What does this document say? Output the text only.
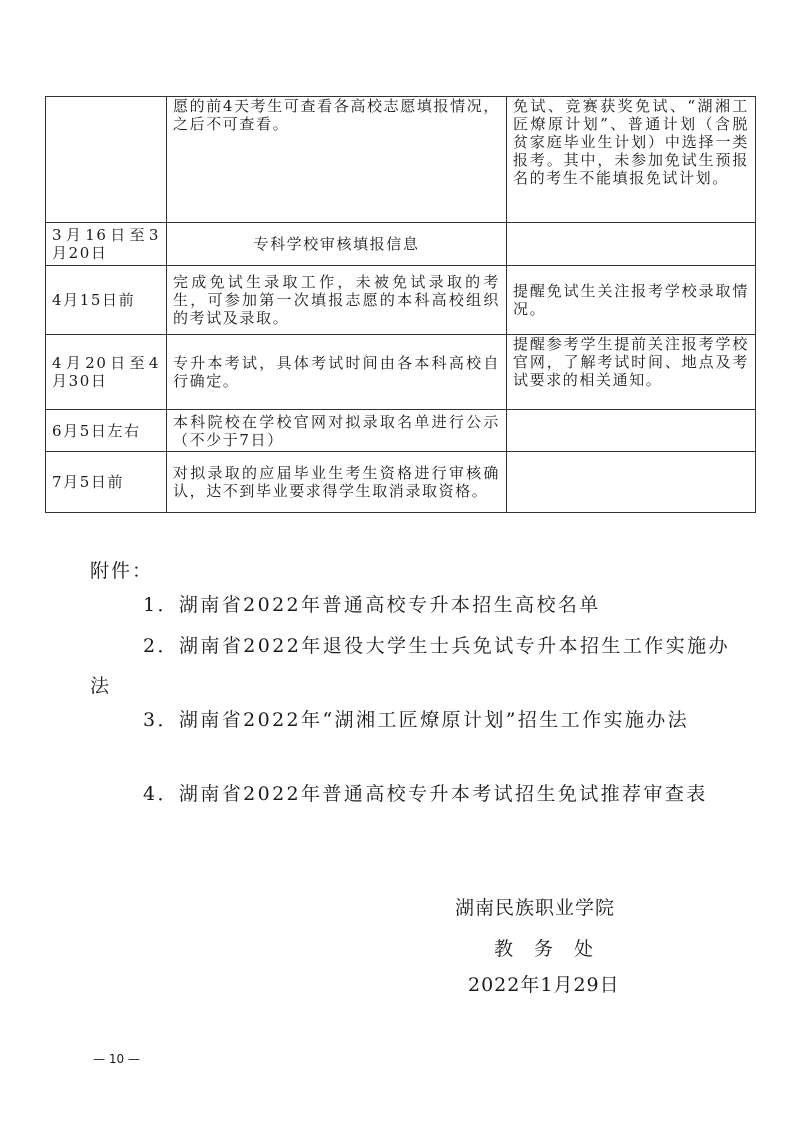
	愿的前4天考生可查看各高校志愿填报情况，之后不可查看。	免试、竞赛获奖免试、“湖湘工匠燎原计划”、普通计划（含脱贫家庭毕业生计划）中选择一类报考。其中，未参加免试生预报名的考生不能填报免试计划。
3月16日至3月20日	专科学校审核填报信息	
4月15日前	完成免试生录取工作，未被免试录取的考生，可参加第一次填报志愿的本科高校组织的考试及录取。	提醒免试生关注报考学校录取情况。
4月20日至4月30日	专升本考试，具体考试时间由各本科高校自行确定。	提醒参考学生提前关注报考学校官网，了解考试时间、地点及考试要求的相关通知。
6月5日左右	本科院校在学校官网对拟录取名单进行公示（不少于7日）	
7月5日前	对拟录取的应届毕业生考生资格进行审核确认，达不到毕业要求得学生取消录取资格。	

附件：

1．湖南省2022年普通高校专升本招生高校名单

2．湖南省2022年退役大学生士兵免试专升本招生工作实施办法

3．湖南省2022年“湖湘工匠燎原计划”招生工作实施办法

4．湖南省2022年普通高校专升本考试招生免试推荐审查表

湖南民族职业学院

教　务　处

2022年1月29日

— 10 —
